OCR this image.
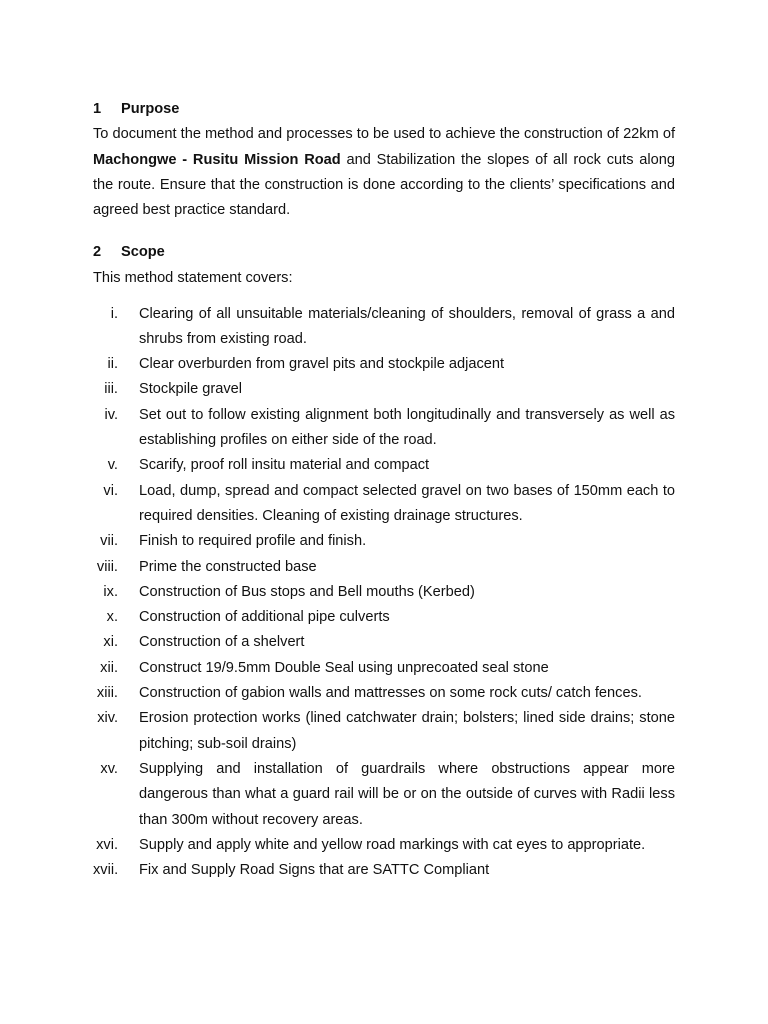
1 Purpose

To document the method and processes to be used to achieve the construction of 22km of Machongwe - Rusitu Mission Road and Stabilization the slopes of all rock cuts along the route. Ensure that the construction is done according to the clients’ specifications and agreed best practice standard.

2 Scope

This method statement covers:

i. Clearing of all unsuitable materials/cleaning of shoulders, removal of grass a and shrubs from existing road.
ii. Clear overburden from gravel pits and stockpile adjacent
iii. Stockpile gravel
iv. Set out to follow existing alignment both longitudinally and transversely as well as establishing profiles on either side of the road.
v. Scarify, proof roll insitu material and compact
vi. Load, dump, spread and compact selected gravel on two bases of 150mm each to required densities. Cleaning of existing drainage structures.
vii. Finish to required profile and finish.
viii. Prime the constructed base
ix. Construction of Bus stops and Bell mouths (Kerbed)
x. Construction of additional pipe culverts
xi. Construction of a shelvert
xii. Construct 19/9.5mm Double Seal using unprecoated seal stone
xiii. Construction of gabion walls and mattresses on some rock cuts/ catch fences.
xiv. Erosion protection works (lined catchwater drain; bolsters; lined side drains; stone pitching; sub-soil drains)
xv. Supplying and installation of guardrails where obstructions appear more dangerous than what a guard rail will be or on the outside of curves with Radii less than 300m without recovery areas.
xvi. Supply and apply white and yellow road markings with cat eyes to appropriate.
xvii. Fix and Supply Road Signs that are SATTC Compliant
